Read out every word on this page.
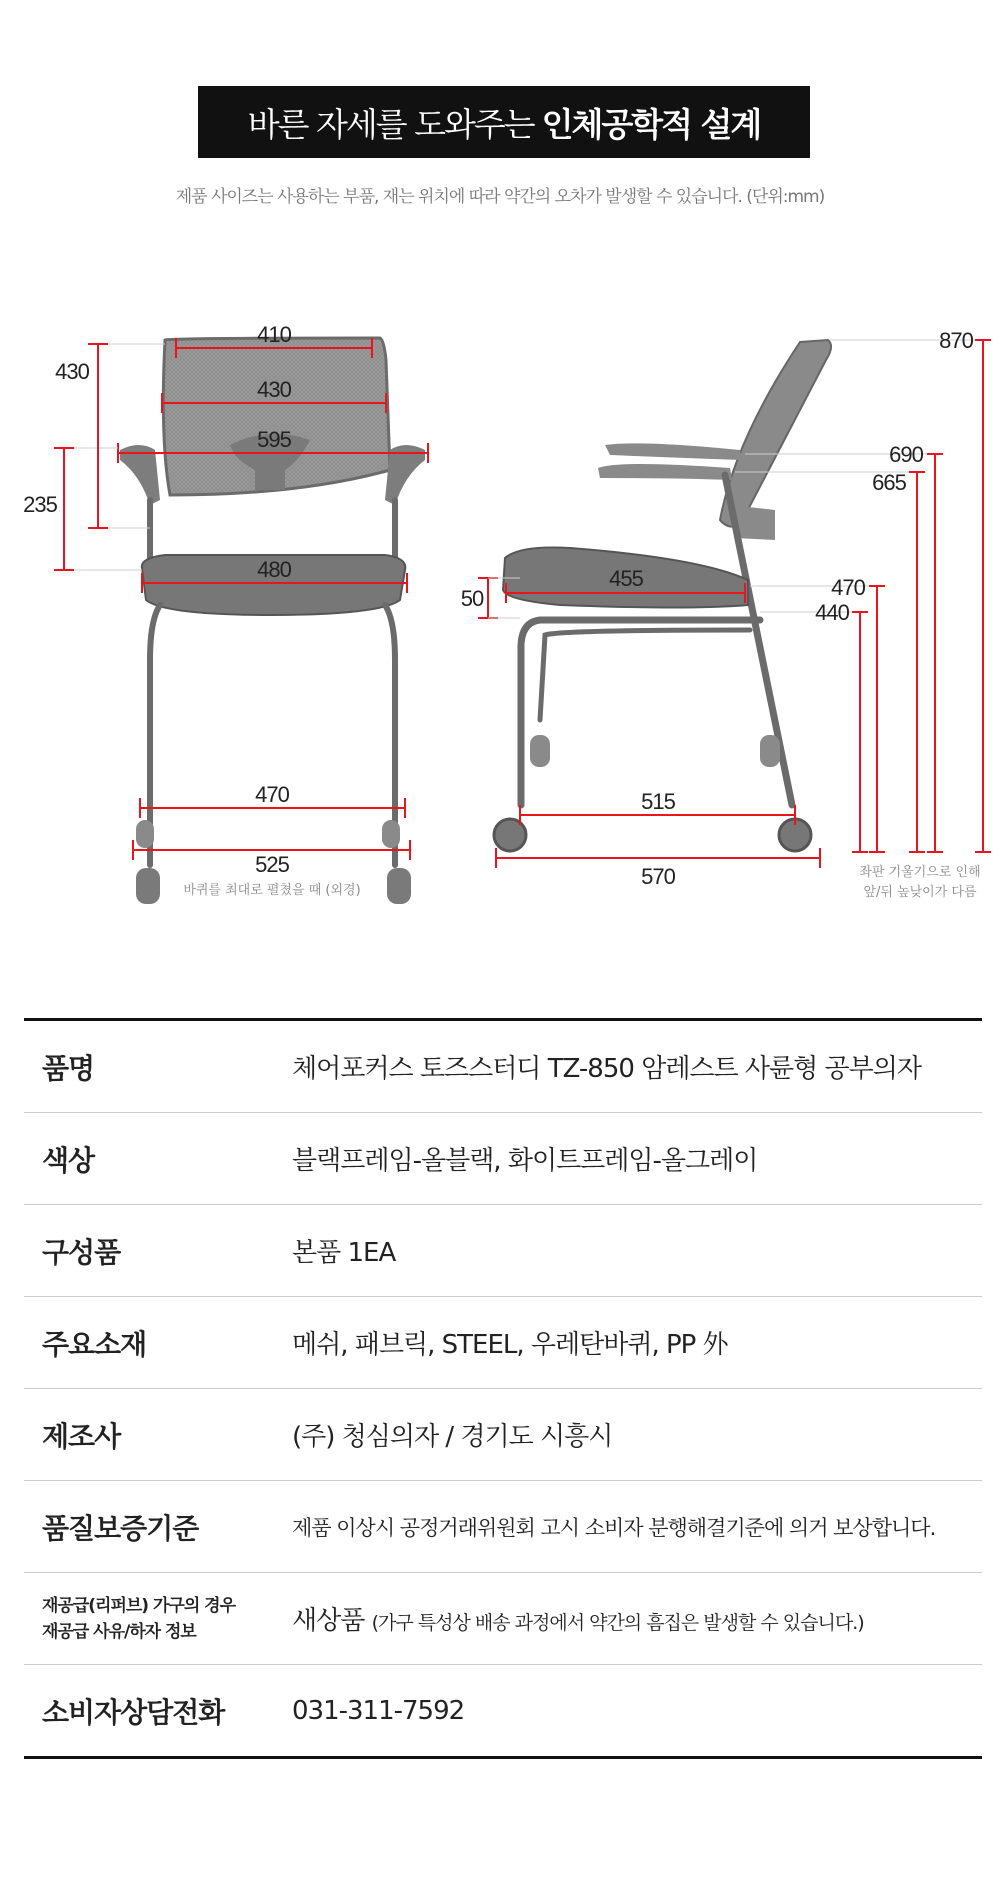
바른 자세를 도와주는 인체공학적 설계
제품 사이즈는 사용하는 부품, 재는 위치에 따라 약간의 오차가 발생할 수 있습니다. (단위:mm)
410
430
595
480
470
525
바퀴를 최대로 펼쳤을 때 (외경)
430
235
455
50
515
570
870
690
665
470
440
좌판 기울기으로 인해
앞/뒤 높낮이가 다름
품명	체어포커스 토즈스터디 TZ-850 암레스트 사륜형 공부의자
색상	블랙프레임-올블랙, 화이트프레임-올그레이
구성품	본품 1EA
주요소재	메쉬, 패브릭, STEEL, 우레탄바퀴, PP 外
제조사	(주) 청심의자 / 경기도 시흥시
품질보증기준	제품 이상시 공정거래위원회 고시 소비자 분행해결기준에 의거 보상합니다.
재공급(리퍼브) 가구의 경우
재공급 사유/하자 정보	새상품 (가구 특성상 배송 과정에서 약간의 흠집은 발생할 수 있습니다.)
소비자상담전화	031-311-7592
